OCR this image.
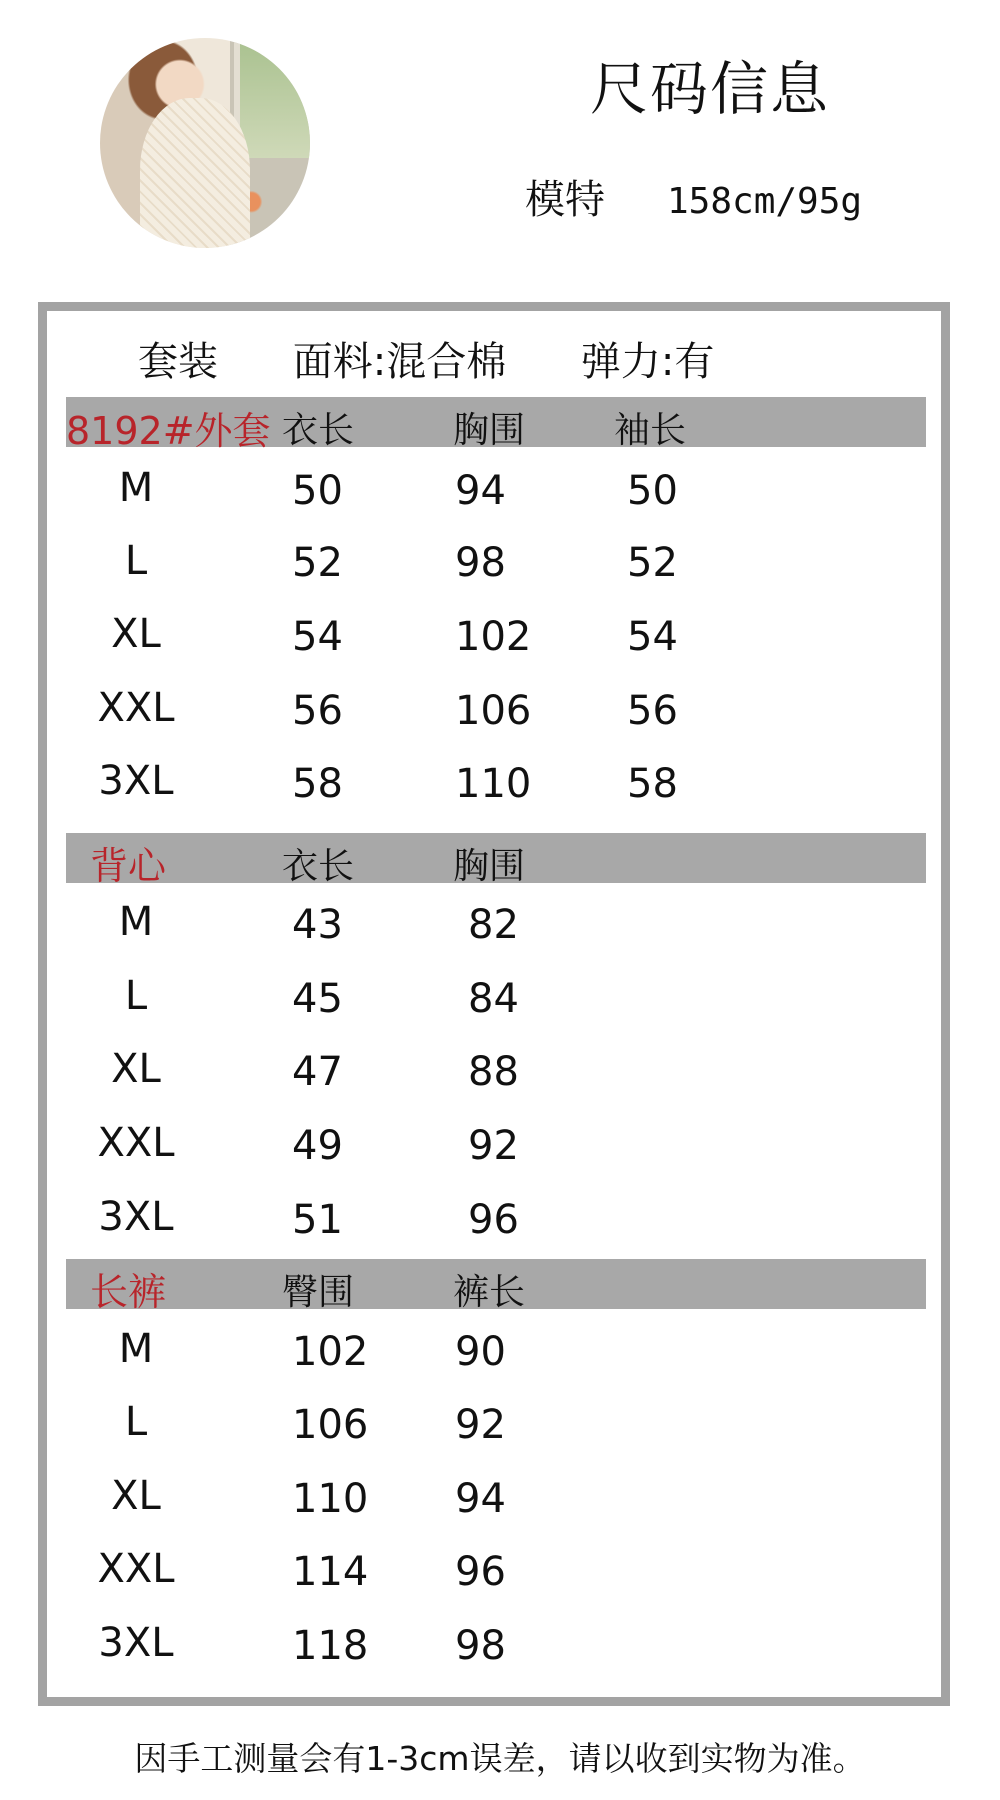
尺码信息
模特 158cm/95g
套装 面料:混合棉 弹力:有
8192#外套 衣长	胸围 袖长
M	50	94	50
L	52	98	52
XL	54	102 54
XXL	56	106 56
3XL	58	110 58
背心	衣长	胸围
M	43	82
L	45	84
XL	47	88
XXL	49	92
3XL	51	96
长裤	臀围	裤长
M	102 90
L	106 92
XL	110 94
XXL	114 96
3XL	118 98
因手工测量会有1-3cm误差，请以收到实物为准。
